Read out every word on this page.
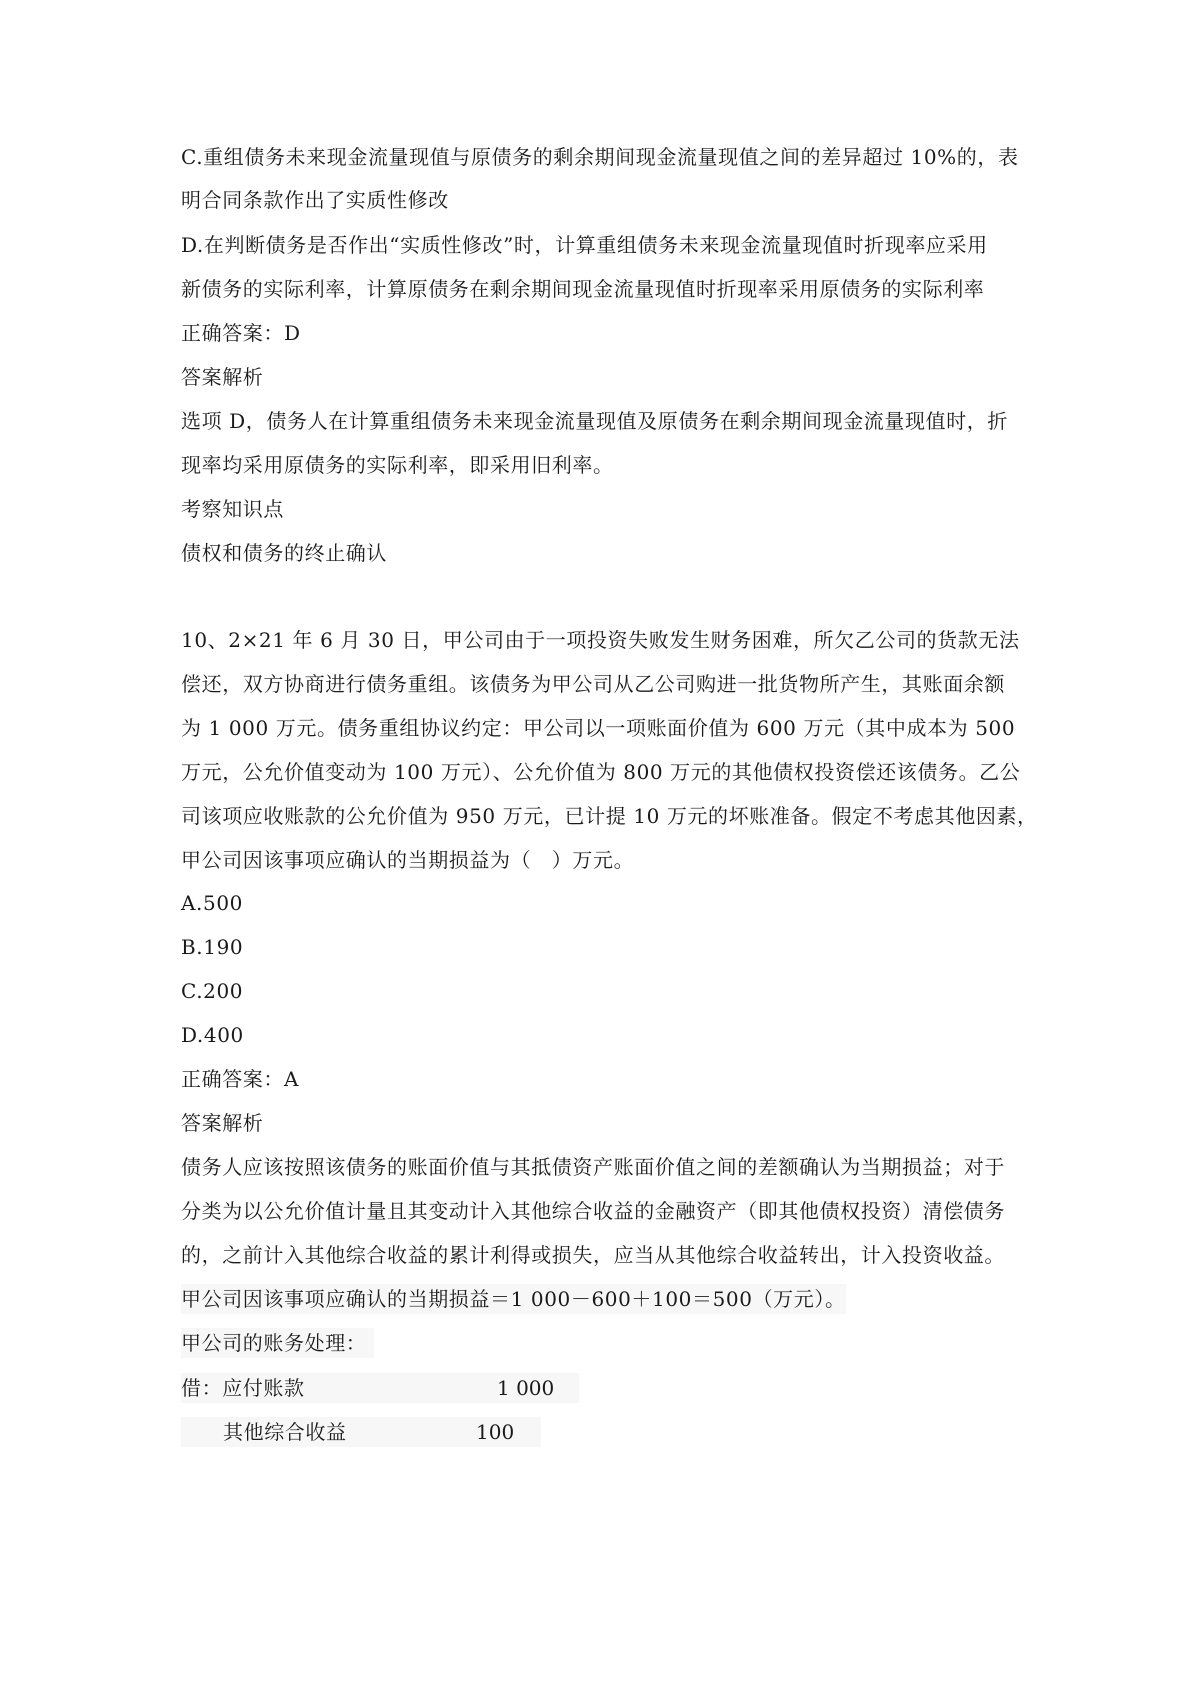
C.重组债务未来现金流量现值与原债务的剩余期间现金流量现值之间的差异超过 10%的，表
明合同条款作出了实质性修改
D.在判断债务是否作出“实质性修改”时，计算重组债务未来现金流量现值时折现率应采用
新债务的实际利率，计算原债务在剩余期间现金流量现值时折现率采用原债务的实际利率
正确答案：D
答案解析
选项 D，债务人在计算重组债务未来现金流量现值及原债务在剩余期间现金流量现值时，折
现率均采用原债务的实际利率，即采用旧利率。
考察知识点
债权和债务的终止确认
10、2×21 年 6 月 30 日，甲公司由于一项投资失败发生财务困难，所欠乙公司的货款无法
偿还，双方协商进行债务重组。该债务为甲公司从乙公司购进一批货物所产生，其账面余额
为 1 000 万元。债务重组协议约定：甲公司以一项账面价值为 600 万元（其中成本为 500
万元，公允价值变动为 100 万元）、公允价值为 800 万元的其他债权投资偿还该债务。乙公
司该项应收账款的公允价值为 950 万元，已计提 10 万元的坏账准备。假定不考虑其他因素，
甲公司因该事项应确认的当期损益为（　）万元。
A.500
B.190
C.200
D.400
正确答案：A
答案解析
债务人应该按照该债务的账面价值与其抵债资产账面价值之间的差额确认为当期损益；对于
分类为以公允价值计量且其变动计入其他综合收益的金融资产（即其他债权投资）清偿债务
的，之前计入其他综合收益的累计利得或损失，应当从其他综合收益转出，计入投资收益。
甲公司因该事项应确认的当期损益＝1 000－600＋100＝500（万元）。
甲公司的账务处理：
借：应付账款	1 000
其他综合收益	100
